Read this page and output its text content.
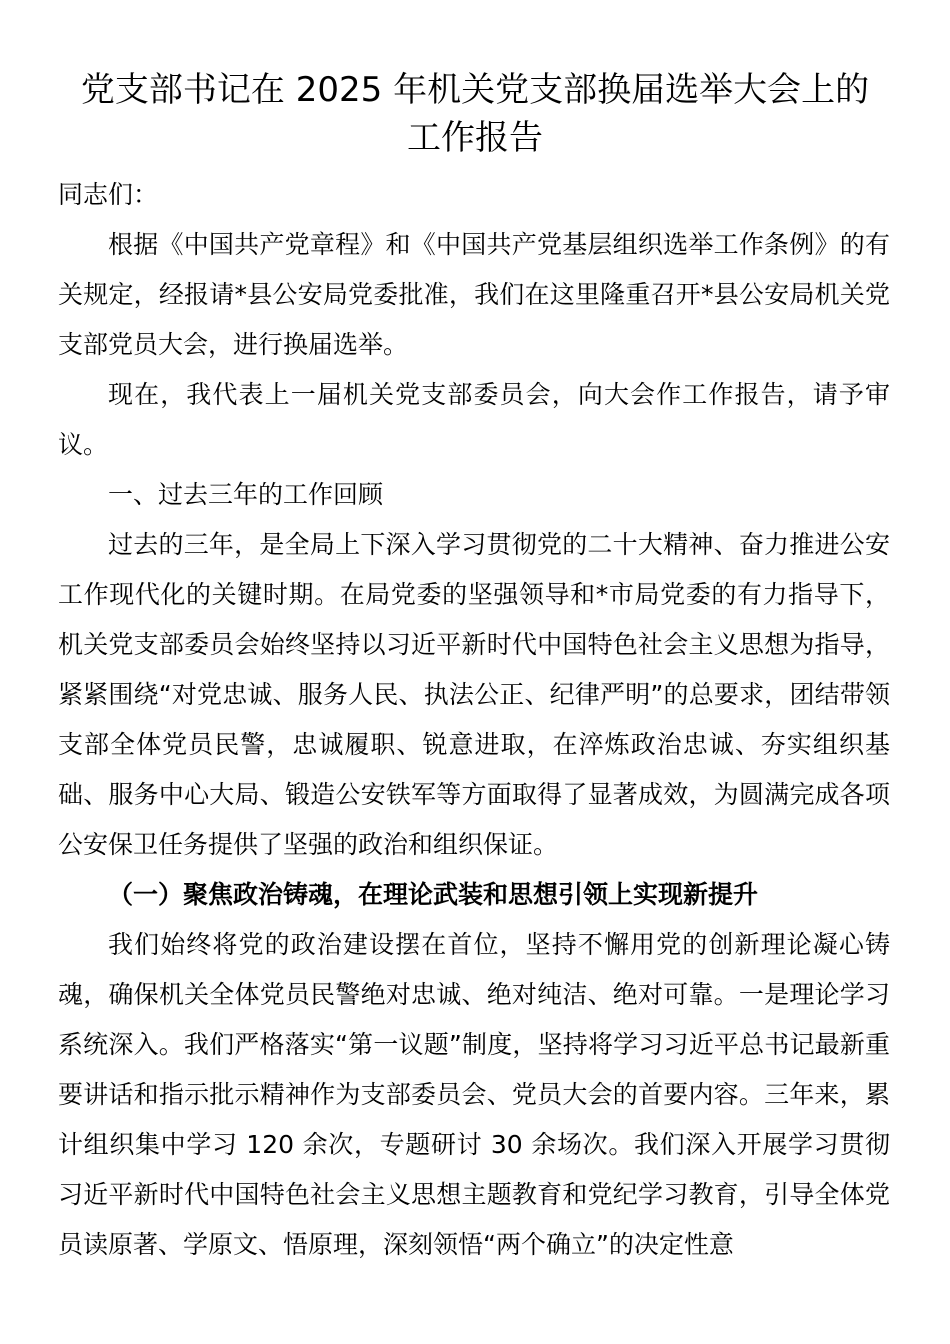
党支部书记在 2025 年机关党支部换届选举大会上的
工作报告

同志们：

根据《中国共产党章程》和《中国共产党基层组织选举工作条例》的有关规定，经报请*县公安局党委批准，我们在这里隆重召开*县公安局机关党支部党员大会，进行换届选举。

现在，我代表上一届机关党支部委员会，向大会作工作报告，请予审议。

一、过去三年的工作回顾

过去的三年，是全局上下深入学习贯彻党的二十大精神、奋力推进公安工作现代化的关键时期。在局党委的坚强领导和*市局党委的有力指导下，机关党支部委员会始终坚持以习近平新时代中国特色社会主义思想为指导，紧紧围绕“对党忠诚、服务人民、执法公正、纪律严明”的总要求，团结带领支部全体党员民警，忠诚履职、锐意进取，在淬炼政治忠诚、夯实组织基础、服务中心大局、锻造公安铁军等方面取得了显著成效，为圆满完成各项公安保卫任务提供了坚强的政治和组织保证。

（一）聚焦政治铸魂，在理论武装和思想引领上实现新提升

我们始终将党的政治建设摆在首位，坚持不懈用党的创新理论凝心铸魂，确保机关全体党员民警绝对忠诚、绝对纯洁、绝对可靠。一是理论学习系统深入。我们严格落实“第一议题”制度，坚持将学习习近平总书记最新重要讲话和指示批示精神作为支部委员会、党员大会的首要内容。三年来，累计组织集中学习 120 余次，专题研讨 30 余场次。我们深入开展学习贯彻习近平新时代中国特色社会主义思想主题教育和党纪学习教育，引导全体党员读原著、学原文、悟原理，深刻领悟“两个确立”的决定性意
